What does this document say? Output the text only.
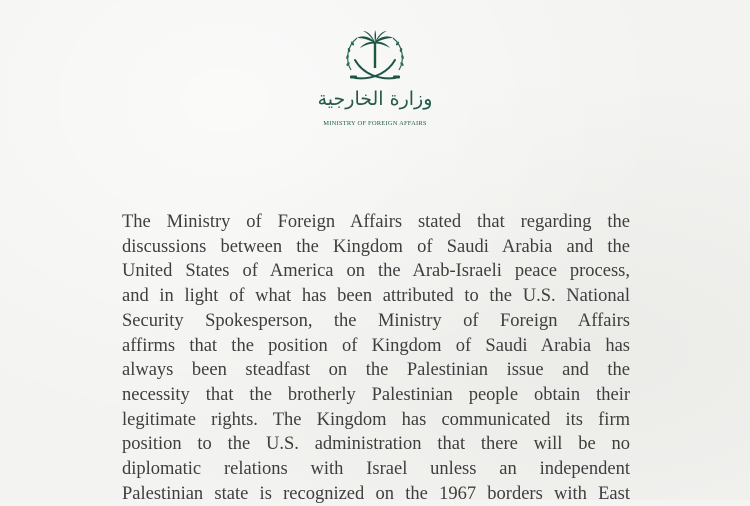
وزارة الخارجية
MINISTRY OF FOREIGN AFFAIRS

The Ministry of Foreign Affairs stated that regarding the
discussions between the Kingdom of Saudi Arabia and the
United States of America on the Arab-Israeli peace process,
and in light of what has been attributed to the U.S. National
Security Spokesperson, the Ministry of Foreign Affairs
affirms that the position of Kingdom of Saudi Arabia has
always been steadfast on the Palestinian issue and the
necessity that the brotherly Palestinian people obtain their
legitimate rights. The Kingdom has communicated its firm
position to the U.S. administration that there will be no
diplomatic relations with Israel unless an independent
Palestinian state is recognized on the 1967 borders with East
